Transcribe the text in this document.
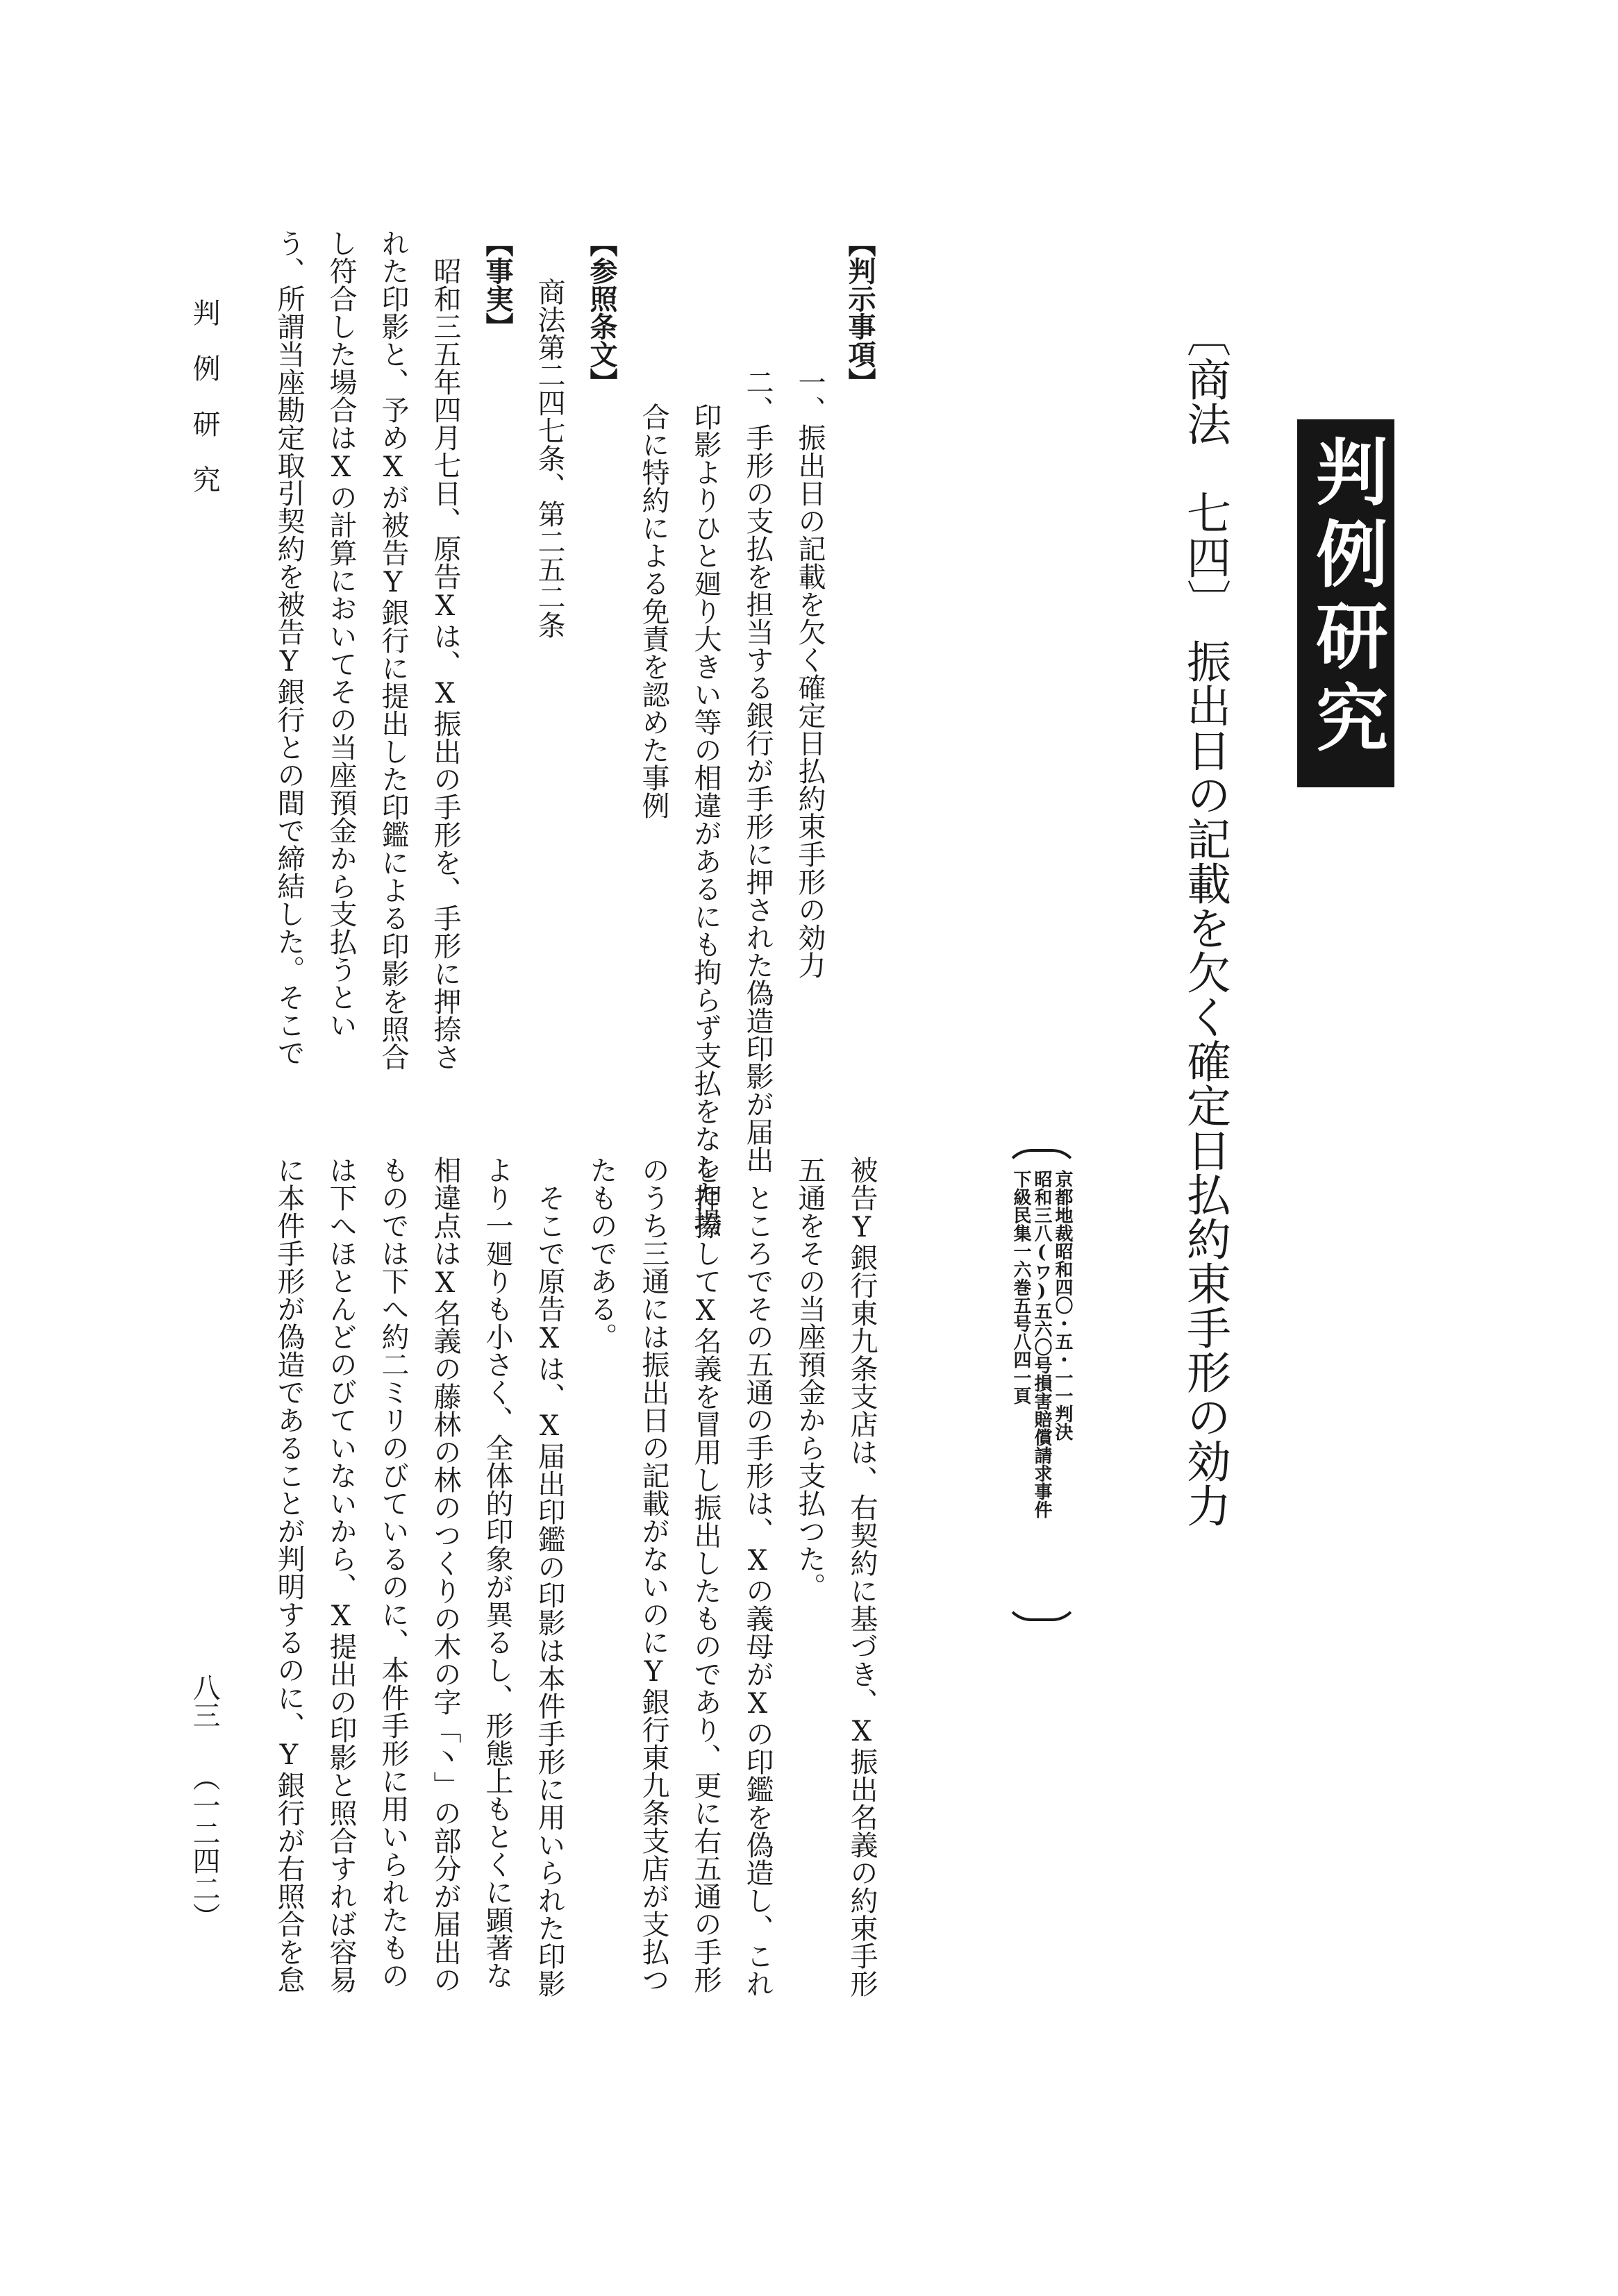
判例研究

〔商法　七四〕

振出日の記載を欠く確定日払約束手形の効力

京都地裁昭和四〇・五・一一判決

昭和三八(ワ)五六〇号損害賠償請求事件

下級民集一六巻五号八四一頁

【判示事項】

一、振出日の記載を欠く確定日払約束手形の効力

二、手形の支払を担当する銀行が手形に押された偽造印影が届出

印影よりひと廻り大きい等の相違があるにも拘らず支払をなした場

合に特約による免責を認めた事例

【参照条文】

商法第二四七条、第二五二条

【事実】

昭和三五年四月七日、原告Xは、X振出の手形を、手形に押捺さ

れた印影と、予めXが被告Y銀行に提出した印鑑による印影を照合

し符合した場合はXの計算においてその当座預金から支払うとい

う、所謂当座勘定取引契約を被告Y銀行との間で締結した。そこで

被告Y銀行東九条支店は、右契約に基づき、X振出名義の約束手形

五通をその当座預金から支払つた。

ところでその五通の手形は、Xの義母がXの印鑑を偽造し、これ

を押捺してX名義を冒用し振出したものであり、更に右五通の手形

のうち三通には振出日の記載がないのにY銀行東九条支店が支払つ

たものである。

そこで原告Xは、X届出印鑑の印影は本件手形に用いられた印影

より一廻りも小さく、全体的印象が異るし、形態上もとくに顕著な

相違点はX名義の藤林の林のつくりの木の字「丶」の部分が届出の

ものでは下へ約二ミリのびているのに、本件手形に用いられたもの

は下へほとんどのびていないから、X提出の印影と照合すれば容易

に本件手形が偽造であることが判明するのに、Y銀行が右照合を怠

判　例　研　究

八三

（一二四二）
